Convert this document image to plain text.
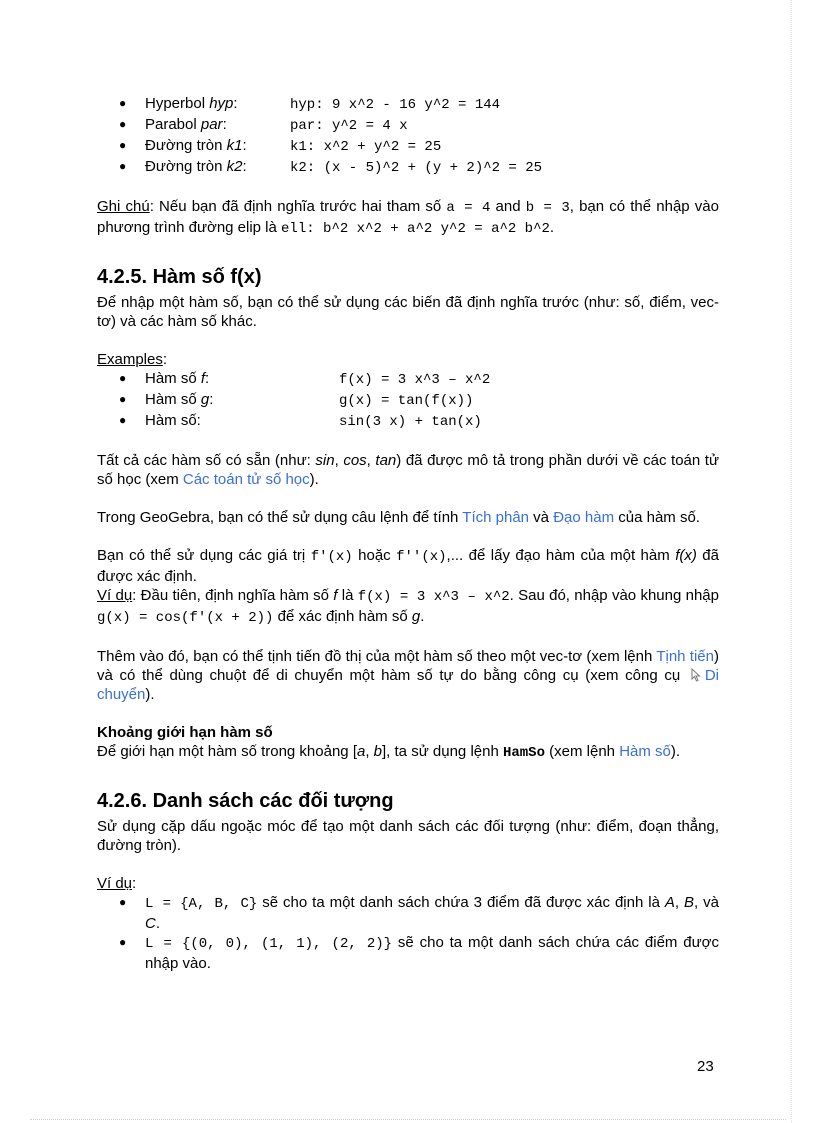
● Hyperbol hyp:	hyp: 9 x^2 - 16 y^2 = 144
● Parabol par:	par: y^2 = 4 x
● Đường tròn k1:	k1: x^2 + y^2 = 25
● Đường tròn k2:	k2: (x - 5)^2 + (y + 2)^2 = 25

Ghi chú: Nếu bạn đã định nghĩa trước hai tham số a = 4 and b = 3, bạn có thể nhập vào phương trình đường elip là ell: b^2 x^2 + a^2 y^2 = a^2 b^2.

4.2.5. Hàm số f(x)

Để nhập một hàm số, bạn có thể sử dụng các biến đã định nghĩa trước (như: số, điểm, vec-tơ) và các hàm số khác.

Examples:

● Hàm số f:	f(x) = 3 x^3 – x^2
● Hàm số g:	g(x) = tan(f(x))
● Hàm số:	sin(3 x) + tan(x)

Tất cả các hàm số có sẵn (như: sin, cos, tan) đã được mô tả trong phần dưới về các toán tử số học (xem Các toán tử số học).

Trong GeoGebra, bạn có thể sử dụng câu lệnh để tính Tích phân và Đạo hàm của hàm số.

Bạn có thể sử dụng các giá trị f'(x) hoặc f''(x),... để lấy đạo hàm của một hàm f(x) đã được xác định.

Ví dụ: Đầu tiên, định nghĩa hàm số f là f(x) = 3 x^3 – x^2. Sau đó, nhập vào khung nhập g(x) = cos(f'(x + 2)) để xác định hàm số g.

Thêm vào đó, bạn có thể tịnh tiến đồ thị của một hàm số theo một vec-tơ (xem lệnh Tịnh tiến) và có thể dùng chuột để di chuyển một hàm số tự do bằng công cụ (xem công cụ Di chuyển).

Khoảng giới hạn hàm số

Để giới hạn một hàm số trong khoảng [a, b], ta sử dụng lệnh HamSo (xem lệnh Hàm số).

4.2.6. Danh sách các đối tượng

Sử dụng cặp dấu ngoặc móc để tạo một danh sách các đối tượng (như: điểm, đoạn thẳng, đường tròn).

Ví dụ:

● L = {A, B, C} sẽ cho ta một danh sách chứa 3 điểm đã được xác định là A, B, và C.
● L = {(0, 0), (1, 1), (2, 2)} sẽ cho ta một danh sách chứa các điểm được nhập vào.
23
